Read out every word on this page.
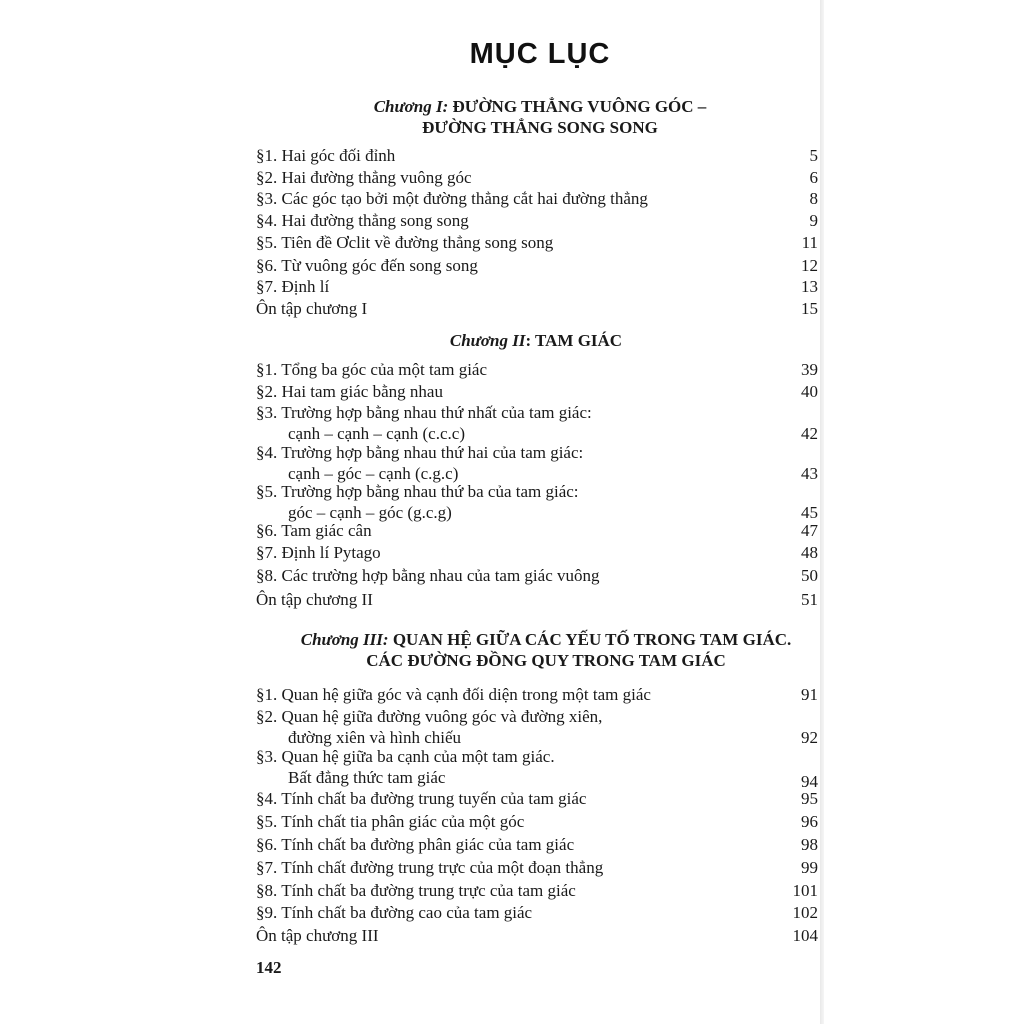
MỤC LỤC
Chương I: ĐƯỜNG THẲNG VUÔNG GÓC –
ĐƯỜNG THẲNG SONG SONG
§1. Hai góc đối đỉnh	5
§2. Hai đường thẳng vuông góc	6
§3. Các góc tạo bởi một đường thẳng cắt hai đường thẳng	8
§4. Hai đường thẳng song song	9
§5. Tiên đề Ơclit về đường thẳng song song	11
§6. Từ vuông góc đến song song	12
§7. Định lí	13
Ôn tập chương I	15
Chương II: TAM GIÁC
§1. Tổng ba góc của một tam giác	39
§2. Hai tam giác bằng nhau	40
§3. Trường hợp bằng nhau thứ nhất của tam giác:
cạnh – cạnh – cạnh (c.c.c)	42
§4. Trường hợp bằng nhau thứ hai của tam giác:
cạnh – góc – cạnh (c.g.c)	43
§5. Trường hợp bằng nhau thứ ba của tam giác:
góc – cạnh – góc (g.c.g)	45
§6. Tam giác cân	47
§7. Định lí Pytago	48
§8. Các trường hợp bằng nhau của tam giác vuông	50
Ôn tập chương II	51
Chương III: QUAN HỆ GIỮA CÁC YẾU TỐ TRONG TAM GIÁC.
CÁC ĐƯỜNG ĐỒNG QUY TRONG TAM GIÁC
§1. Quan hệ giữa góc và cạnh đối diện trong một tam giác	91
§2. Quan hệ giữa đường vuông góc và đường xiên,
đường xiên và hình chiếu	92
§3. Quan hệ giữa ba cạnh của một tam giác.
Bất đẳng thức tam giác	94
§4. Tính chất ba đường trung tuyến của tam giác	95
§5. Tính chất tia phân giác của một góc	96
§6. Tính chất ba đường phân giác của tam giác	98
§7. Tính chất đường trung trực của một đoạn thẳng	99
§8. Tính chất ba đường trung trực của tam giác	101
§9. Tính chất ba đường cao của tam giác	102
Ôn tập chương III	104
142
